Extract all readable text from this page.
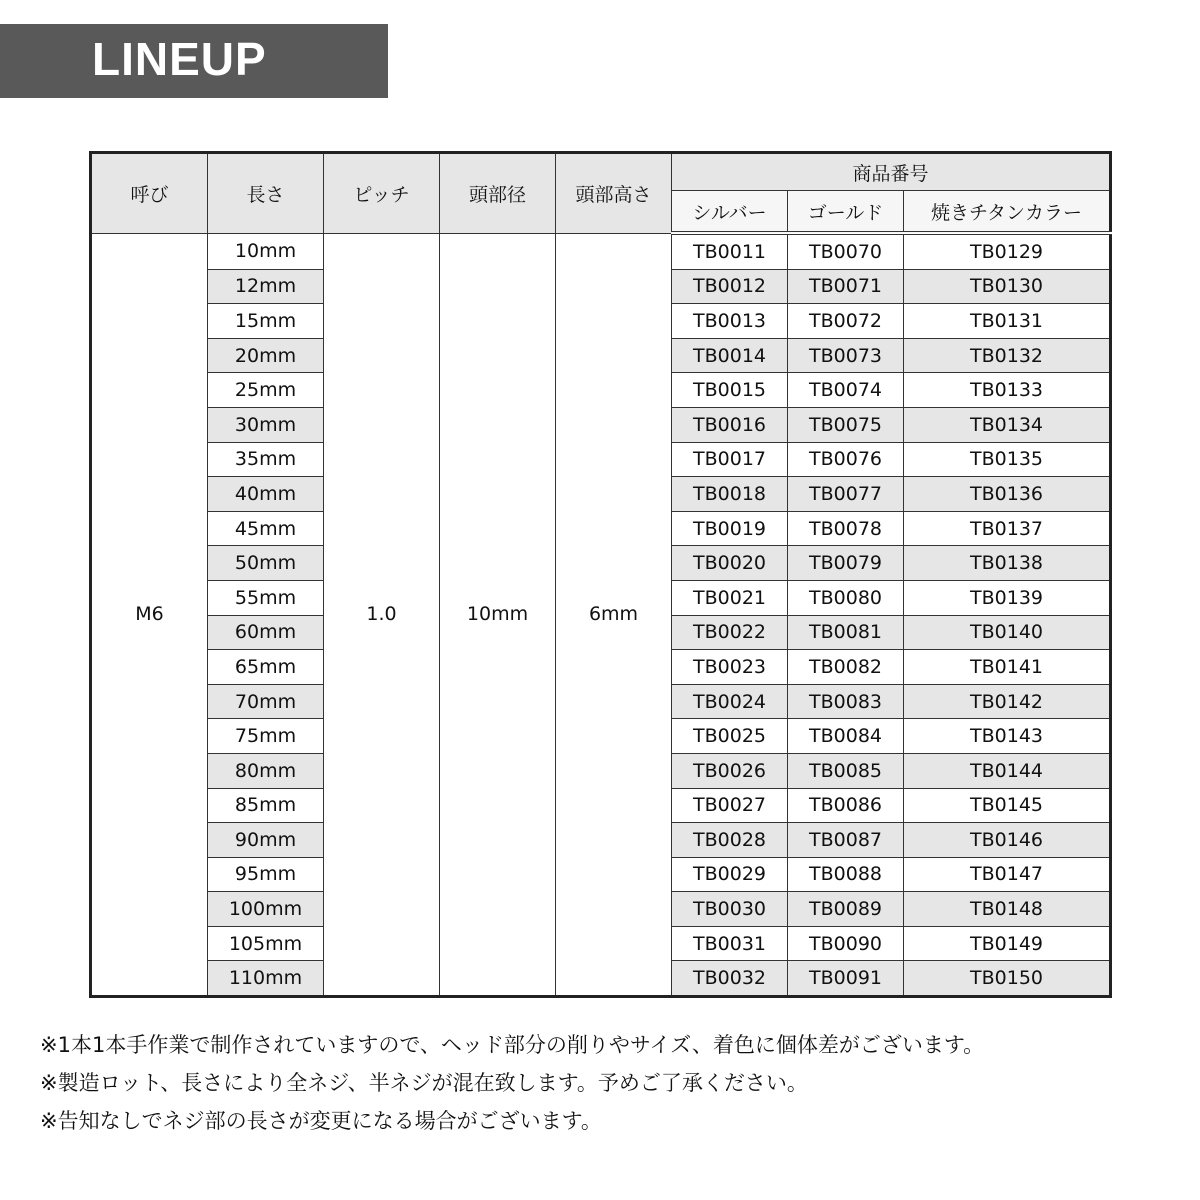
LINEUP
呼び	長さ	ピッチ	頭部径	頭部高さ	商品番号		
					シルバー	ゴールド	焼きチタンカラー
M6	10mm	1.0	10mm	6mm	TB0011	TB0070	TB0129
	12mm				TB0012	TB0071	TB0130
	15mm				TB0013	TB0072	TB0131
	20mm				TB0014	TB0073	TB0132
	25mm				TB0015	TB0074	TB0133
	30mm				TB0016	TB0075	TB0134
	35mm				TB0017	TB0076	TB0135
	40mm				TB0018	TB0077	TB0136
	45mm				TB0019	TB0078	TB0137
	50mm				TB0020	TB0079	TB0138
	55mm				TB0021	TB0080	TB0139
	60mm				TB0022	TB0081	TB0140
	65mm				TB0023	TB0082	TB0141
	70mm				TB0024	TB0083	TB0142
	75mm				TB0025	TB0084	TB0143
	80mm				TB0026	TB0085	TB0144
	85mm				TB0027	TB0086	TB0145
	90mm				TB0028	TB0087	TB0146
	95mm				TB0029	TB0088	TB0147
	100mm				TB0030	TB0089	TB0148
	105mm				TB0031	TB0090	TB0149
	110mm				TB0032	TB0091	TB0150
※1本1本手作業で制作されていますので、ヘッド部分の削りやサイズ、着色に個体差がございます。
※製造ロット、長さにより全ネジ、半ネジが混在致します。予めご了承ください。
※告知なしでネジ部の長さが変更になる場合がございます。
